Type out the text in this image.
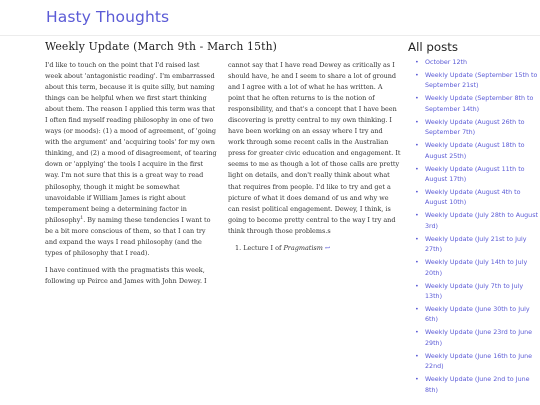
Hasty Thoughts
Weekly Update (March 9th - March 15th)

I'd like to touch on the point that I'd raised last week about 'antagonistic reading'. I'm embarrassed about this term, because it is quite silly, but naming things can be helpful when we first start thinking about them. The reason I applied this term was that I often find myself reading philosophy in one of two ways (or moods): (1) a mood of agreement, of 'going with the argument' and 'acquiring tools' for my own thinking, and (2) a mood of disagreement, of tearing down or 'applying' the tools I acquire in the first way. I'm not sure that this is a great way to read philosophy, though it might be somewhat unavoidable if William James is right about temperament being a determining factor in philosophy$^1$. By naming these tendencies I want to be a bit more conscious of them, so that I can try and expand the ways I read philosophy (and the types of philosophy that I read).

I have continued with the pragmatists this week, following up Peirce and James with John Dewey. I

cannot say that I have read Dewey as critically as I should have, he and I seem to share a lot of ground and I agree with a lot of what he has written. A point that he often returns to is the notion of responsibility, and that's a concept that I have been discovering is pretty central to my own thinking. I have been working on an essay where I try and work through some recent calls in the Australian press for greater civic education and engagement. It seems to me as though a lot of those calls are pretty light on details, and don't really think about what that requires from people. I'd like to try and get a picture of what it does demand of us and why we can resist political engagement. Dewey, I think, is going to become pretty central to the way I try and think through those problems.s

1. Lecture I of Pragmatism ↩
All posts
• October 12th
• Weekly Update (September 15th to September 21st)
• Weekly Update (September 8th to September 14th)
• Weekly Update (August 26th to September 7th)
• Weekly Update (August 18th to August 25th)
• Weekly Update (August 11th to August 17th)
• Weekly Update (August 4th to August 10th)
• Weekly Update (July 28th to August 3rd)
• Weekly Update (July 21st to July 27th)
• Weekly Update (July 14th to July 20th)
• Weekly Update (July 7th to July 13th)
• Weekly Update (June 30th to July 6th)
• Weekly Update (June 23rd to June 29th)
• Weekly Update (June 16th to June 22nd)
• Weekly Update (June 2nd to June 8th)
